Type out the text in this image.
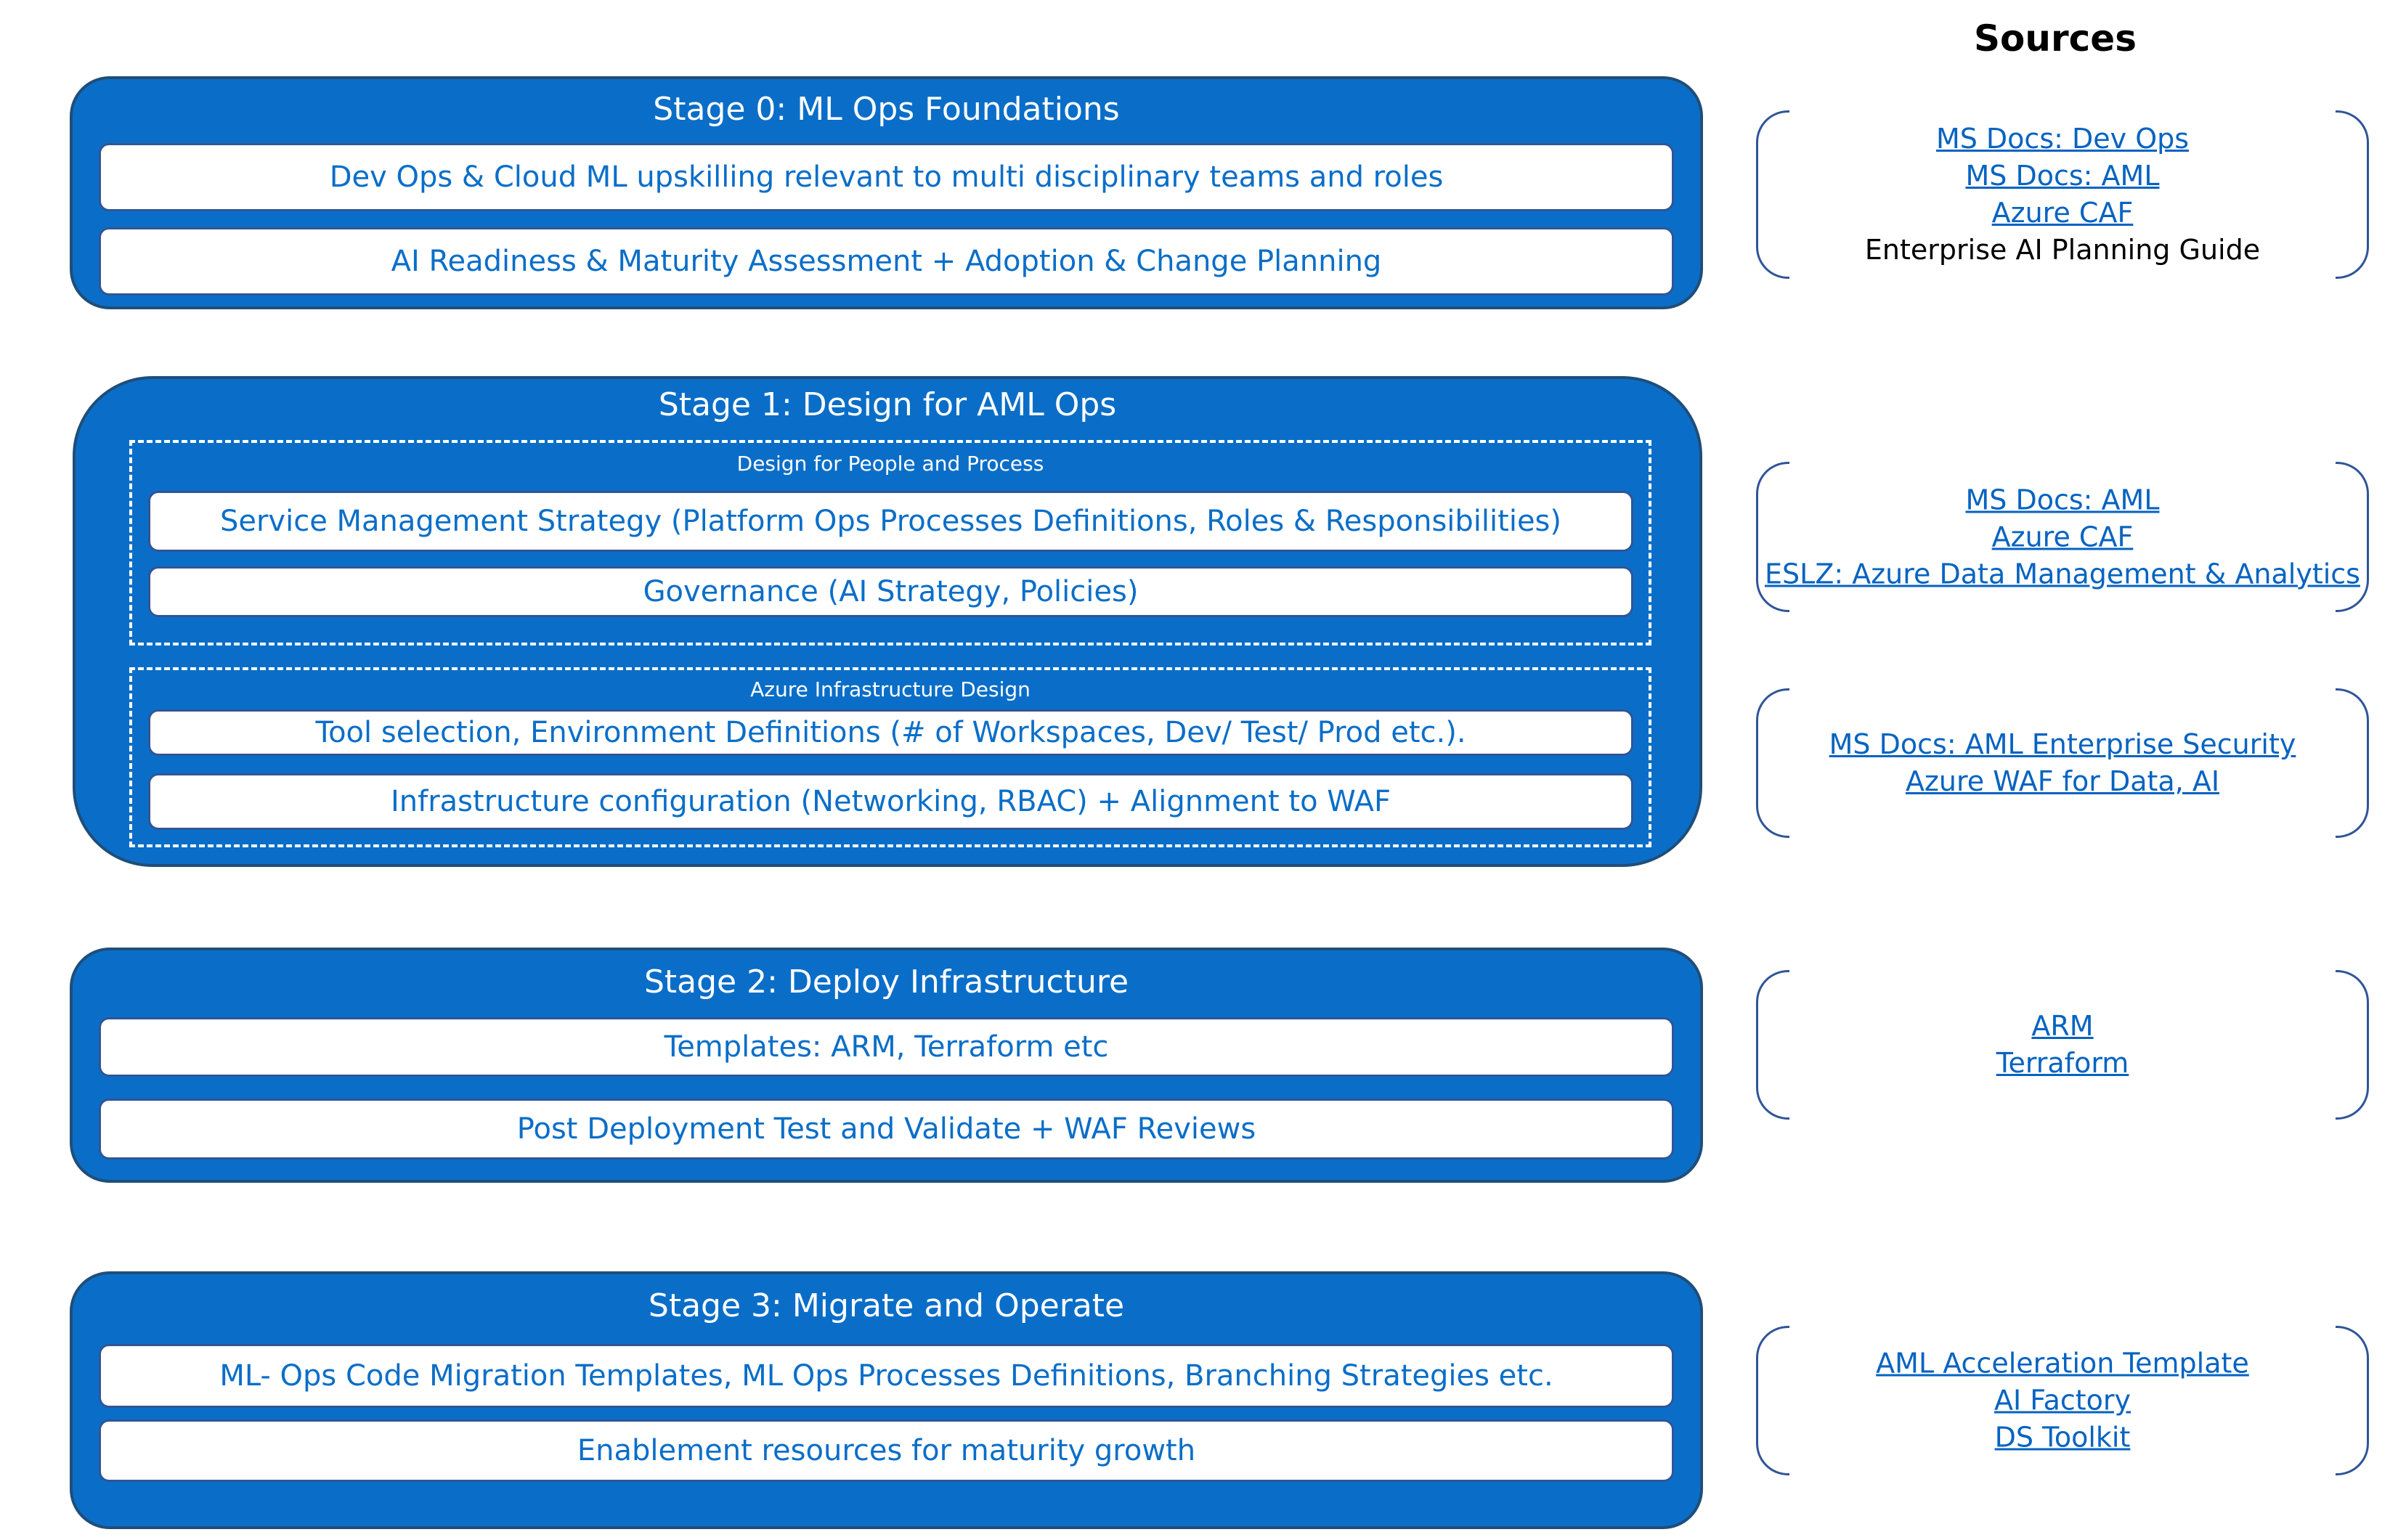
Sources
Stage 0: ML Ops Foundations
Dev Ops & Cloud ML upskilling relevant to multi disciplinary teams and roles
AI Readiness & Maturity Assessment + Adoption & Change Planning
Stage 1: Design for AML Ops
Design for People and Process
Service Management Strategy (Platform Ops Processes Definitions, Roles & Responsibilities)
Governance (AI Strategy, Policies)
Azure Infrastructure Design
Tool selection, Environment Definitions (# of Workspaces, Dev/ Test/ Prod etc.).
Infrastructure configuration (Networking, RBAC) + Alignment to WAF
Stage 2: Deploy Infrastructure
Templates: ARM, Terraform etc
Post Deployment Test and Validate + WAF Reviews
Stage 3: Migrate and Operate
ML- Ops Code Migration Templates, ML Ops Processes Definitions, Branching Strategies etc.
Enablement resources for maturity growth
MS Docs: Dev Ops
MS Docs: AML
Azure CAF
Enterprise AI Planning Guide
MS Docs: AML
Azure CAF
ESLZ: Azure Data Management & Analytics
MS Docs: AML Enterprise Security
Azure WAF for Data, AI
ARM
Terraform
AML Acceleration Template
AI Factory
DS Toolkit
